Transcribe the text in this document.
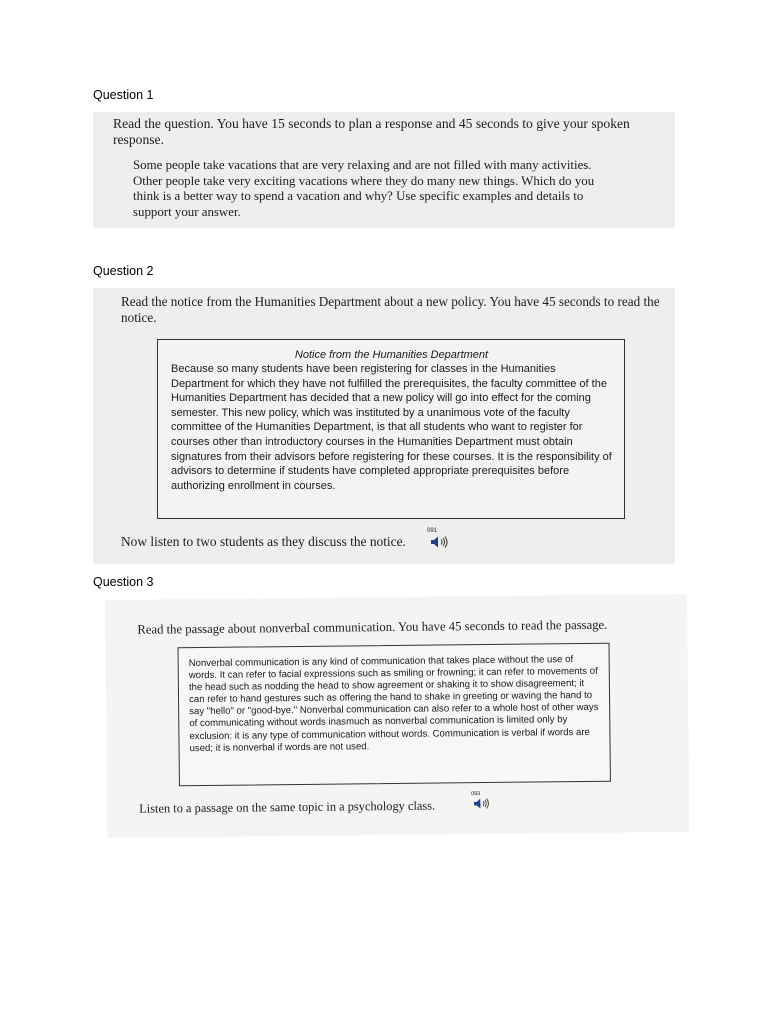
Question 1

Read the question. You have 15 seconds to plan a response and 45 seconds to give your spoken response.

Some people take vacations that are very relaxing and are not filled with many activities. Other people take very exciting vacations where they do many new things. Which do you think is a better way to spend a vacation and why? Use specific examples and details to support your answer.

Question 2

Read the notice from the Humanities Department about a new policy. You have 45 seconds to read the notice.

Notice from the Humanities Department

Because so many students have been registering for classes in the Humanities Department for which they have not fulfilled the prerequisites, the faculty committee of the Humanities Department has decided that a new policy will go into effect for the coming semester. This new policy, which was instituted by a unanimous vote of the faculty committee of the Humanities Department, is that all students who want to register for courses other than introductory courses in the Humanities Department must obtain signatures from their advisors before registering for these courses. It is the responsibility of advisors to determine if students have completed appropriate prerequisites before authorizing enrollment in courses.

Now listen to two students as they discuss the notice.
091
Question 3

Read the passage about nonverbal communication. You have 45 seconds to read the passage.

Nonverbal communication is any kind of communication that takes place without the use of words. It can refer to facial expressions such as smiling or frowning; it can refer to movements of the head such as nodding the head to show agreement or shaking it to show disagreement; it can refer to hand gestures such as offering the hand to shake in greeting or waving the hand to say "hello" or "good-bye." Nonverbal communication can also refer to a whole host of other ways of communicating without words inasmuch as nonverbal communication is limited only by exclusion: it is any type of communication without words. Communication is verbal if words are used; it is nonverbal if words are not used.

Listen to a passage on the same topic in a psychology class.
093
